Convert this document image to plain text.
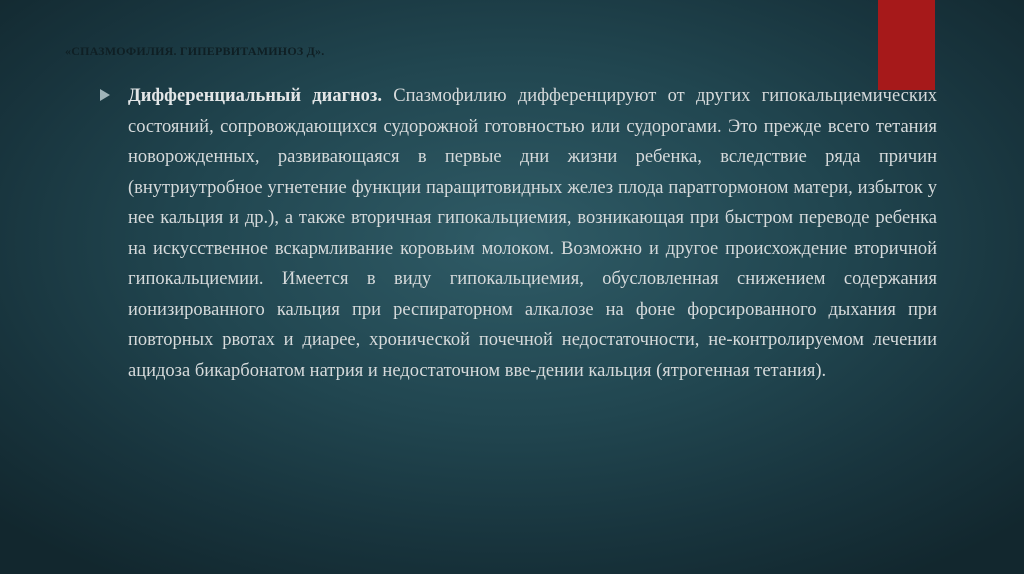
«СПАЗМОФИЛИЯ. ГИПЕРВИТАМИНОЗ Д».

Дифференциальный диагноз. Спазмофилию дифференцируют от других гипокальциемических состояний, сопровождающихся судорожной готовностью или судорогами. Это прежде всего тетания новорожденных, развивающаяся в первые дни жизни ребенка, вследствие ряда причин (внутриутробное угнетение функции паращитовидных желез плода паратгормоном матери, избыток у нее кальция и др.), а также вторичная гипокальциемия, возникающая при быстром переводе ребенка на искусственное вскармливание коровьим молоком. Возможно и другое происхождение вторичной гипокальциемии. Имеется в виду гипокальциемия, обусловленная снижением содержания ионизированного кальция при респираторном алкалозе на фоне форсированного дыхания при повторных рвотах и диарее, хронической почечной недостаточности, не-контролируемом лечении ацидоза бикарбонатом натрия и недостаточном вве-дении кальция (ятрогенная тетания).
